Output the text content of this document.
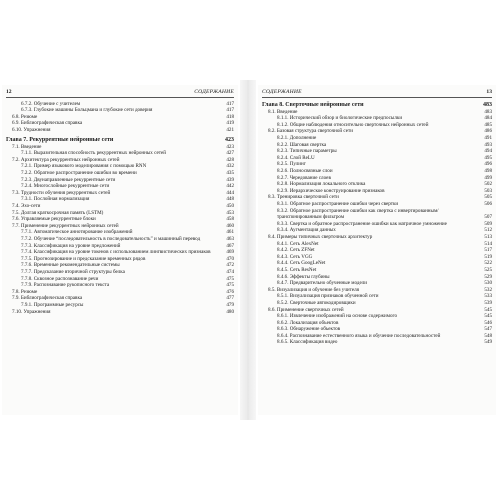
12	СОДЕРЖАНИЕ
6.7.2. Обучение с учителем	417
6.7.3. Глубокие машины Больцмана и глубокие сети доверия	417
6.8. Резюме	418
6.9. Библиографическая справка	419
6.10. Упражнения	421
Глава 7. Рекуррентные нейронные сети	423
7.1. Введение	423
7.1.1. Выразительная способность рекуррентных нейронных сетей	427
7.2. Архитектура рекуррентных нейронных сетей	428
7.2.1. Пример языкового моделирования с помощью RNN	432
7.2.2. Обратное распространение ошибки во времени	435
7.2.3. Двунаправленные рекуррентные сети	439
7.2.4. Многослойные рекуррентные сети	442
7.3. Трудности обучения рекуррентных сетей	444
7.3.1. Послойная нормализация	448
7.4. Эхо-сети	450
7.5. Долгая краткосрочная память (LSTM)	453
7.6. Управляемые рекуррентные блоки	458
7.7. Применение рекуррентных нейронных сетей	460
7.7.1. Автоматическое аннотирование изображений	461
7.7.2. Обучение “последовательность в последовательность” и машинный перевод	463
7.7.3. Классификация на уровне предложений	467
7.7.4. Классификация на уровне токенов с использованием лингвистических признаков	469
7.7.5. Прогнозирование и предсказание временных рядов	470
7.7.6. Временные рекомендательные системы	472
7.7.7. Предсказание вторичной структуры белка	474
7.7.8. Сквозное распознавание речи	475
7.7.9. Распознавание рукописного текста	475
7.8. Резюме	476
7.9. Библиографическая справка	477
7.9.1. Программные ресурсы	479
7.10. Упражнения	480
СОДЕРЖАНИЕ	13
Глава 8. Сверточные нейронные сети	483
8.1. Введение	483
8.1.1. Исторический обзор и биологические предпосылки	484
8.1.2. Общие наблюдения относительно сверточных нейронных сетей	485
8.2. Базовая структура сверточной сети	486
8.2.1. Дополнение	491
8.2.2. Шаговая свертка	493
8.2.3. Типичные параметры	494
8.2.4. Слой ReLU	495
8.2.5. Пулинг	496
8.2.6. Полносвязные слои	498
8.2.7. Чередование слоев	499
8.2.8. Нормализация локального отклика	502
8.2.9. Иерархическое конструирование признаков	503
8.3. Тренировка сверточной сети	505
8.3.1. Обратное распространение ошибки через свертки	506
8.3.2. Обратное распространение ошибки как свертка с инвертированным/транспонированным фильтром	507
8.3.3. Свертка и обратное распространение ошибки как матричное умножение	509
8.3.4. Аугментация данных	512
8.4. Примеры типичных сверточных архитектур	513
8.4.1. Сеть AlexNet	514
8.4.2. Сеть ZFNet	517
8.4.3. Сеть VGG	519
8.4.4. Сеть GoogLeNet	522
8.4.5. Сеть ResNet	525
8.4.6. Эффекты глубины	529
8.4.7. Предварительно обученные модели	530
8.5. Визуализация и обучение без учителя	532
8.5.1. Визуализация признаков обученной сети	533
8.5.2. Сверточные автокодировщики	539
8.6. Применение сверточных сетей	545
8.6.1. Извлечение изображений на основе содержимого	545
8.6.2. Локализация объектов	546
8.6.3. Обнаружение объектов	547
8.6.4. Распознавание естественного языка и обучение последовательностей	548
8.6.5. Классификация видео	549
